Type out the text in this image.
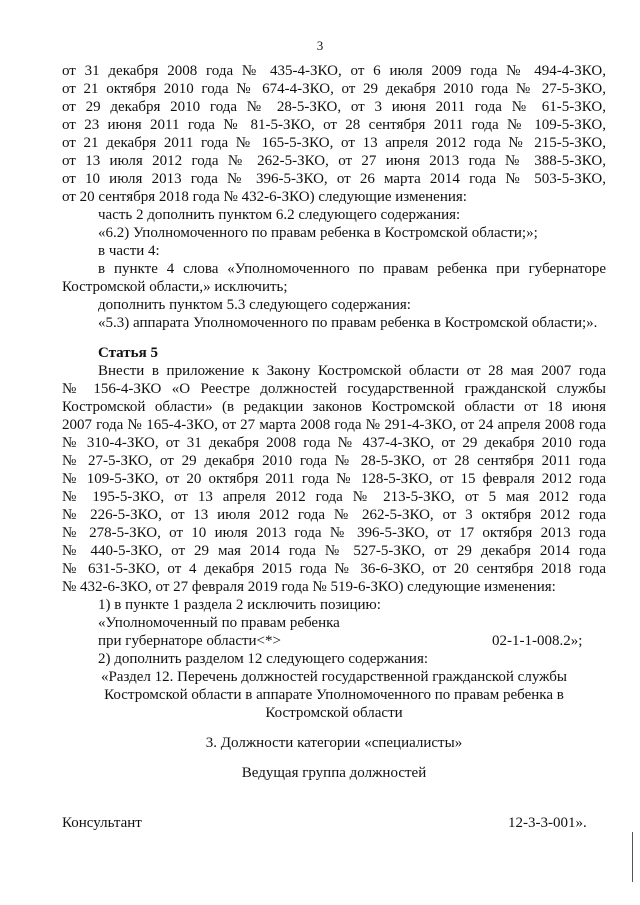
3
от 31 декабря 2008 года № 435-4-ЗКО, от 6 июля 2009 года № 494-4-ЗКО,
от 21 октября 2010 года № 674-4-ЗКО, от 29 декабря 2010 года № 27-5-ЗКО,
от 29 декабря 2010 года № 28-5-ЗКО, от 3 июня 2011 года № 61-5-ЗКО,
от 23 июня 2011 года № 81-5-ЗКО, от 28 сентября 2011 года № 109-5-ЗКО,
от 21 декабря 2011 года № 165-5-ЗКО, от 13 апреля 2012 года № 215-5-ЗКО,
от 13 июля 2012 года № 262-5-ЗКО, от 27 июня 2013 года № 388-5-ЗКО,
от 10 июля 2013 года № 396-5-ЗКО, от 26 марта 2014 года № 503-5-ЗКО,
от 20 сентября 2018 года № 432-6-ЗКО) следующие изменения:
часть 2 дополнить пунктом 6.2 следующего содержания:
«6.2) Уполномоченного по правам ребенка в Костромской области;»;
в части 4:
в пункте 4 слова «Уполномоченного по правам ребенка при губернаторе
Костромской области,» исключить;
дополнить пунктом 5.3 следующего содержания:
«5.3) аппарата Уполномоченного по правам ребенка в Костромской области;».
Статья 5
Внести в приложение к Закону Костромской области от 28 мая 2007 года
№ 156-4-ЗКО «О Реестре должностей государственной гражданской службы
Костромской области» (в редакции законов Костромской области от 18 июня
2007 года № 165-4-ЗКО, от 27 марта 2008 года № 291-4-ЗКО, от 24 апреля 2008 года
№ 310-4-ЗКО, от 31 декабря 2008 года № 437-4-ЗКО, от 29 декабря 2010 года
№ 27-5-ЗКО, от 29 декабря 2010 года № 28-5-ЗКО, от 28 сентября 2011 года
№ 109-5-ЗКО, от 20 октября 2011 года № 128-5-ЗКО, от 15 февраля 2012 года
№ 195-5-ЗКО, от 13 апреля 2012 года № 213-5-ЗКО, от 5 мая 2012 года
№ 226-5-ЗКО, от 13 июля 2012 года № 262-5-ЗКО, от 3 октября 2012 года
№ 278-5-ЗКО, от 10 июля 2013 года № 396-5-ЗКО, от 17 октября 2013 года
№ 440-5-ЗКО, от 29 мая 2014 года № 527-5-ЗКО, от 29 декабря 2014 года
№ 631-5-ЗКО, от 4 декабря 2015 года № 36-6-ЗКО, от 20 сентября 2018 года
№ 432-6-ЗКО, от 27 февраля 2019 года № 519-6-ЗКО) следующие изменения:
1) в пункте 1 раздела 2 исключить позицию:
«Уполномоченный по правам ребенка
при губернаторе области<*>	02-1-1-008.2»;
2) дополнить разделом 12 следующего содержания:
«Раздел 12. Перечень должностей государственной гражданской службы
Костромской области в аппарате Уполномоченного по правам ребенка в
Костромской области
3. Должности категории «специалисты»
Ведущая группа должностей
Консультант	12-3-3-001».
